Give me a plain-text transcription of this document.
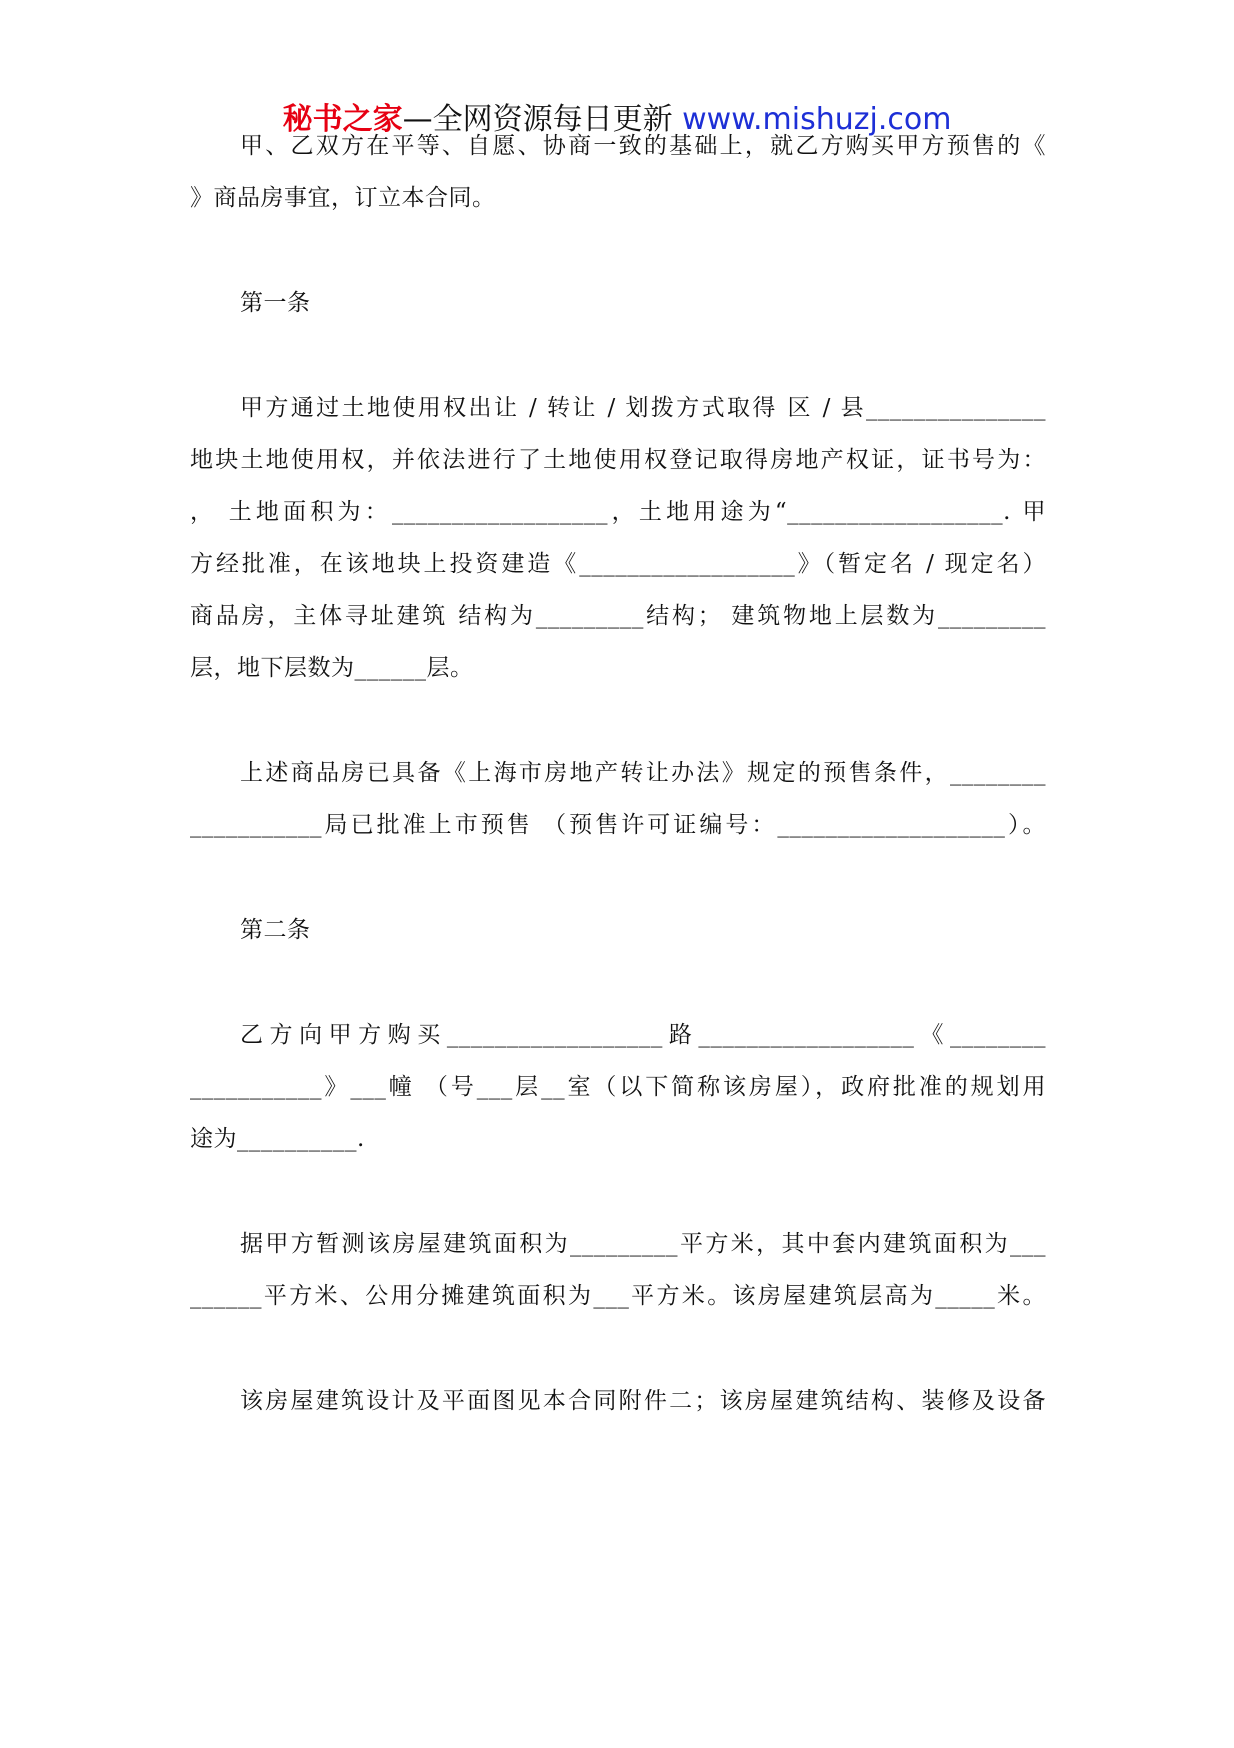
秘书之家—全网资源每日更新 www.mishuzj.com
甲、乙双方在平等、自愿、协商一致的基础上，就乙方购买甲方预售的《
》商品房事宜，订立本合同。
第一条
甲方通过土地使用权出让 / 转让 / 划拨方式取得 区 / 县_______________
地块土地使用权，并依法进行了土地使用权登记取得房地产权证，证书号为：
， 土地面积为：__________________，土地用途为“__________________. 甲
方经批准，在该地块上投资建造《__________________》（暂定名 / 现定名）
商品房，主体寻址建筑 结构为_________结构； 建筑物地上层数为_________
层，地下层数为______层。
上述商品房已具备《上海市房地产转让办法》规定的预售条件，________
___________局已批准上市预售 （预售许可证编号：___________________）。
第二条
乙方向甲方购买__________________路__________________《________
___________》___幢 （号___层__室（以下简称该房屋），政府批准的规划用
途为__________.
据甲方暂测该房屋建筑面积为_________平方米，其中套内建筑面积为___
______平方米、公用分摊建筑面积为___平方米。该房屋建筑层高为_____米。
该房屋建筑设计及平面图见本合同附件二；该房屋建筑结构、装修及设备
